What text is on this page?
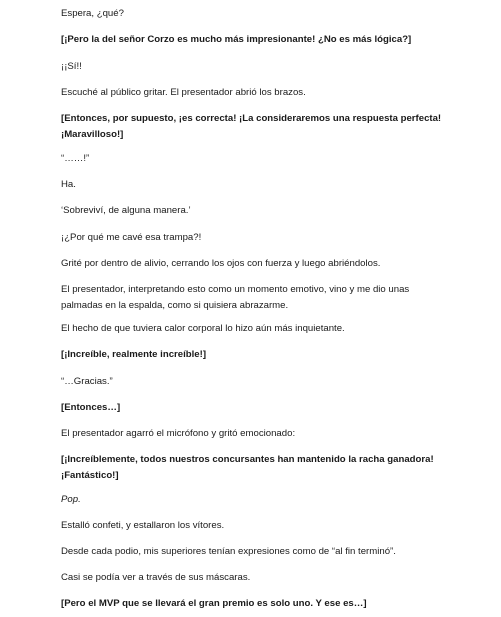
Espera, ¿qué?

[¡Pero la del señor Corzo es mucho más impresionante! ¿No es más lógica?]

¡¡Sí!!

Escuché al público gritar. El presentador abrió los brazos.

[Entonces, por supuesto, ¡es correcta! ¡La consideraremos una respuesta perfecta! ¡Maravilloso!]

“……!”

Ha.

‘Sobreviví, de alguna manera.’

¡¿Por qué me cavé esa trampa?!

Grité por dentro de alivio, cerrando los ojos con fuerza y luego abriéndolos.

El presentador, interpretando esto como un momento emotivo, vino y me dio unas palmadas en la espalda, como si quisiera abrazarme.

El hecho de que tuviera calor corporal lo hizo aún más inquietante.

[¡Increíble, realmente increíble!]

“…Gracias.”

[Entonces…]

El presentador agarró el micrófono y gritó emocionado:

[¡Increíblemente, todos nuestros concursantes han mantenido la racha ganadora! ¡Fantástico!]

Pop.

Estalló confeti, y estallaron los vítores.

Desde cada podio, mis superiores tenían expresiones como de “al fin terminó”.

Casi se podía ver a través de sus máscaras.

[Pero el MVP que se llevará el gran premio es solo uno. Y ese es…]
